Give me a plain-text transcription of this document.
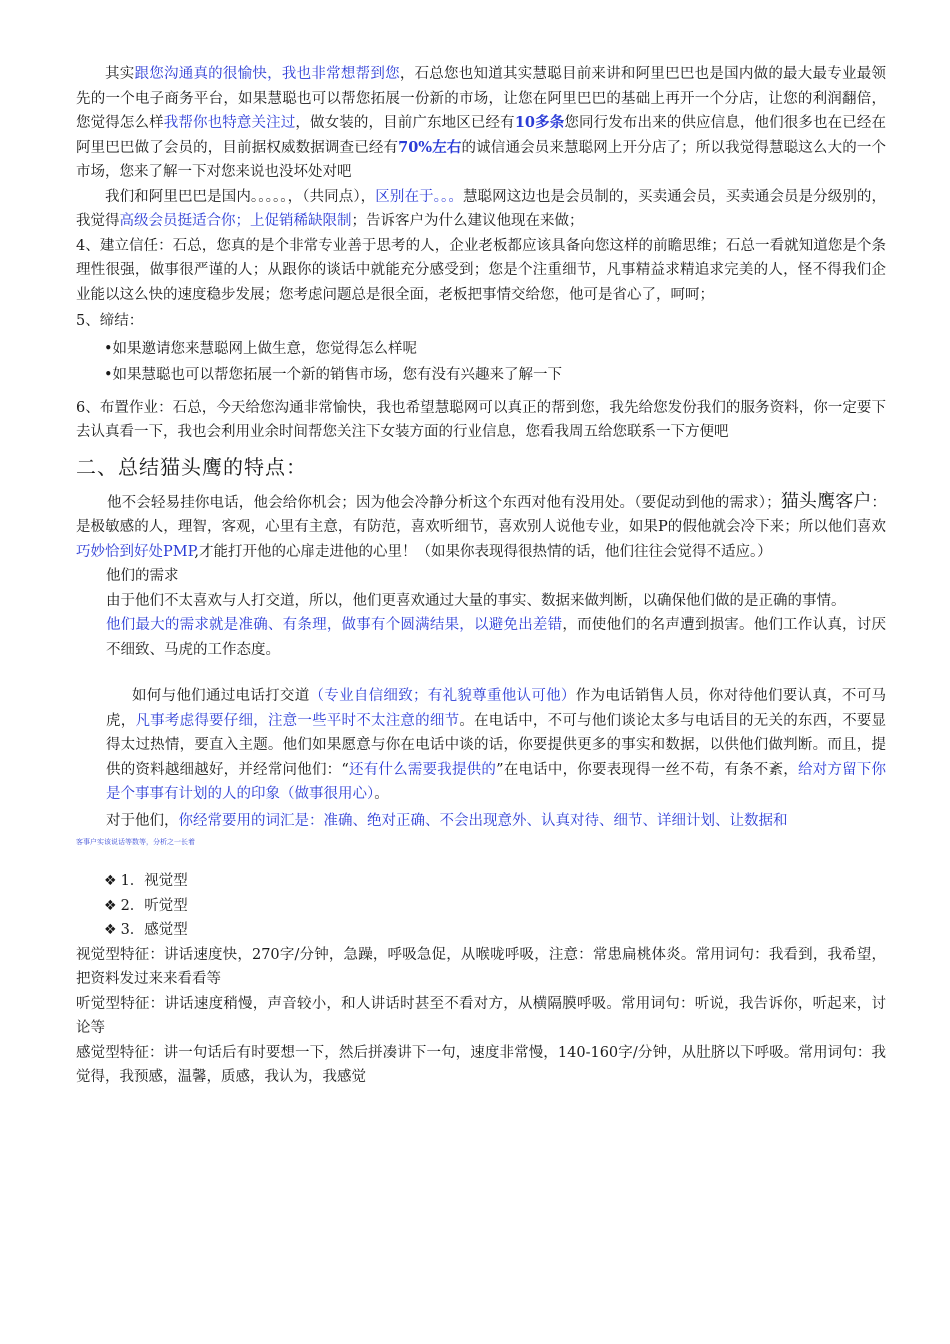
其实跟您沟通真的很愉快，我也非常想帮到您，石总您也知道其实慧聪目前来讲和阿里巴巴也是国内做的最大最专业最领先的一个电子商务平台，如果慧聪也可以帮您拓展一份新的市场，让您在阿里巴巴的基础上再开一个分店，让您的利润翻倍，您觉得怎么样我帮你也特意关注过，做女装的，目前广东地区已经有10多条您同行发布出来的供应信息，他们很多也在已经在阿里巴巴做了会员的，目前据权威数据调查已经有70%左右的诚信通会员来慧聪网上开分店了；所以我觉得慧聪这么大的一个市场，您来了解一下对您来说也没坏处对吧

我们和阿里巴巴是国内。。。。。，（共同点），区别在于。。。慧聪网这边也是会员制的，买卖通会员，买卖通会员是分级别的，我觉得高级会员挺适合你；上促销稀缺限制；告诉客户为什么建议他现在来做；

4、建立信任：石总，您真的是个非常专业善于思考的人，企业老板都应该具备向您这样的前瞻思维；石总一看就知道您是个条理性很强，做事很严谨的人；从跟你的谈话中就能充分感受到；您是个注重细节，凡事精益求精追求完美的人，怪不得我们企业能以这么快的速度稳步发展；您考虑问题总是很全面，老板把事情交给您，他可是省心了，呵呵；

5、缔结：

•如果邀请您来慧聪网上做生意，您觉得怎么样呢
•如果慧聪也可以帮您拓展一个新的销售市场，您有没有兴趣来了解一下

6、布置作业：石总，今天给您沟通非常愉快，我也希望慧聪网可以真正的帮到您，我先给您发份我们的服务资料，你一定要下去认真看一下，我也会利用业余时间帮您关注下女装方面的行业信息，您看我周五给您联系一下方便吧

二、总结猫头鹰的特点：

他不会轻易挂你电话，他会给你机会；因为他会冷静分析这个东西对他有没用处。（要促动到他的需求）；猫头鹰客户：是极敏感的人，理智，客观，心里有主意，有防范，喜欢听细节，喜欢别人说他专业，如果P的假他就会冷下来；所以他们喜欢巧妙恰到好处PMP,才能打开他的心扉走进他的心里！（如果你表现得很热情的话，他们往往会觉得不适应。）

他们的需求

由于他们不太喜欢与人打交道，所以，他们更喜欢通过大量的事实、数据来做判断，以确保他们做的是正确的事情。

他们最大的需求就是准确、有条理，做事有个圆满结果，以避免出差错，而使他们的名声遭到损害。他们工作认真，讨厌不细致、马虎的工作态度。

如何与他们通过电话打交道（专业自信细致；有礼貌尊重他认可他）作为电话销售人员，你对待他们要认真，不可马虎，凡事考虑得要仔细，注意一些平时不太注意的细节。在电话中，不可与他们谈论太多与电话目的无关的东西，不要显得太过热情，要直入主题。他们如果愿意与你在电话中谈的话，你要提供更多的事实和数据，以供他们做判断。而且，提供的资料越细越好，并经常问他们：“还有什么需要我提供的”在电话中，你要表现得一丝不苟，有条不紊，给对方留下你是个事事有计划的人的印象（做事很用心）。

对于他们，你经常要用的词汇是：准确、绝对正确、不会出现意外、认真对待、细节、详细计划、让数据和

客事户实该说话等数等，分析之一长着
❖ 1．视觉型
❖ 2．听觉型
❖ 3．感觉型

视觉型特征：讲话速度快，270字/分钟，急躁，呼吸急促，从喉咙呼吸，注意：常患扁桃体炎。常用词句：我看到，我希望，把资料发过来来看看等

听觉型特征：讲话速度稍慢，声音较小，和人讲话时甚至不看对方，从横隔膜呼吸。常用词句：听说，我告诉你，听起来，讨论等

感觉型特征：讲一句话后有时要想一下，然后拼凑讲下一句，速度非常慢，140-160字/分钟，从肚脐以下呼吸。常用词句：我觉得，我预感，温馨，质感，我认为，我感觉
